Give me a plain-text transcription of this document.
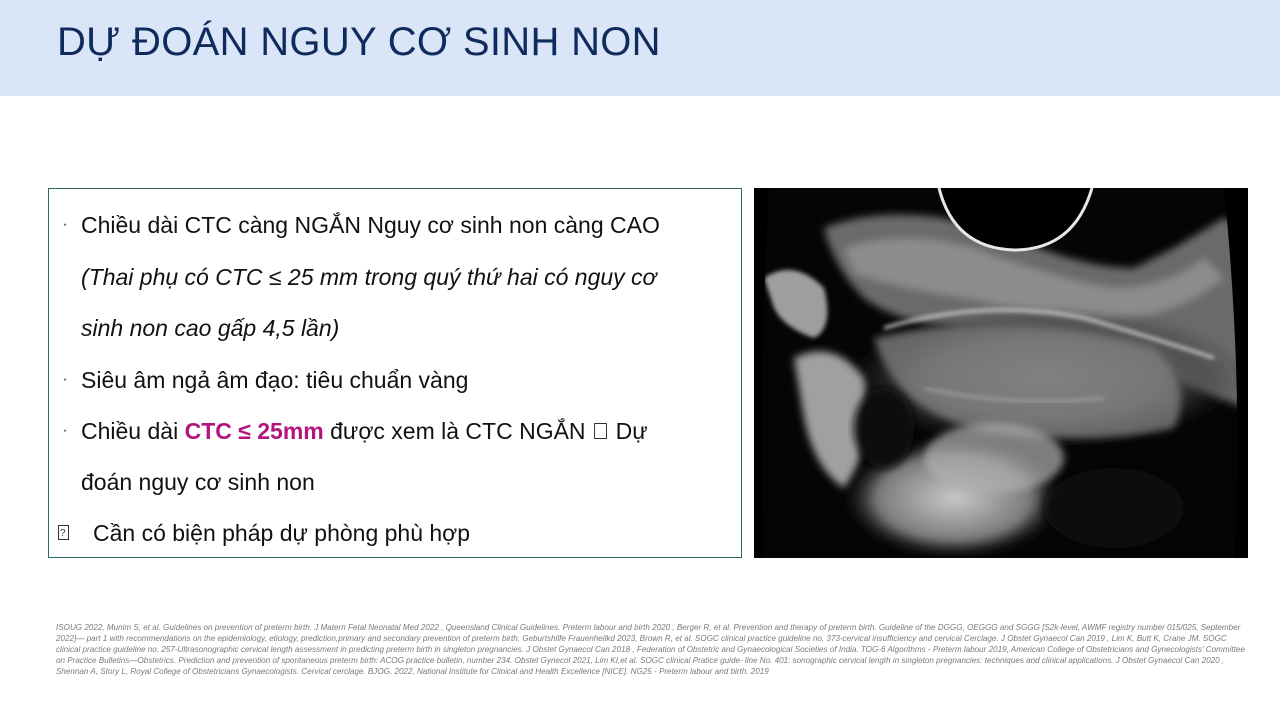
DỰ ĐOÁN NGUY CƠ SINH NON
· Chiều dài CTC càng NGẮN Nguy cơ sinh non càng CAO
(Thai phụ có CTC ≤ 25 mm trong quý thứ hai có nguy cơ
sinh non cao gấp 4,5 lần)
· Siêu âm ngả âm đạo: tiêu chuẩn vàng
· Chiều dài CTC ≤ 25mm được xem là CTC NGẮN Dự
đoán nguy cơ sinh non
?
Cần có biện pháp dự phòng phù hợp
ISOUG 2022, Munim S, et al. Guidelines on prevention of preterm birth. J Matern Fetal Neonatal Med 2022 , Queensland Clinical Guidelines. Preterm labour and birth 2020 , Berger R, et al. Prevention and therapy of preterm birth. Guideline of the DGGG, OEGGG and SGGG [S2k-level, AWMF registry number 015/025, September 2022]— part 1 with recommendations on the epidemiology, etiology, prediction,primary and secondary prevention of preterm birth. Geburtshilfe Frauenheilkd 2023, Brown R, et al. SOGC clinical practice guideline no. 373-cervical insufficiency and cervical Cerclage. J Obstet Gynaecol Can 2019 , Lim K, Butt K, Crane JM. SOGC clinical practice guideline no. 257-Ultrasonographic cervical length assessment in predicting preterm birth in singleton pregnancies. J Obstet Gynaecol Can 2018 , Federation of Obstetric and Gynaecological Societies of India. TOG-6 Algorithms - Preterm labour 2019, American College of Obstetricians and Gynecologists' Committee on Practice Bulletins—Obstetrics. Prediction and prevention of spontaneous preterm birth: ACOG practice bulletin, number 234. Obstet Gynecol 2021, Lim KI,et al. SOGC clinical Pratice guide- line No. 401: sonographic cervical length in singleton pregnancies: techniques and clinical applications. J Obstet Gynaecol Can 2020 , Shennan A, Story L, Royal College of Obstetricians Gynaecologists. Cervical cerclage. BJOG. 2022, National Institute for Clinical and Health Excellence [NICE]. NG25 - Preterm labour and birth. 2019
